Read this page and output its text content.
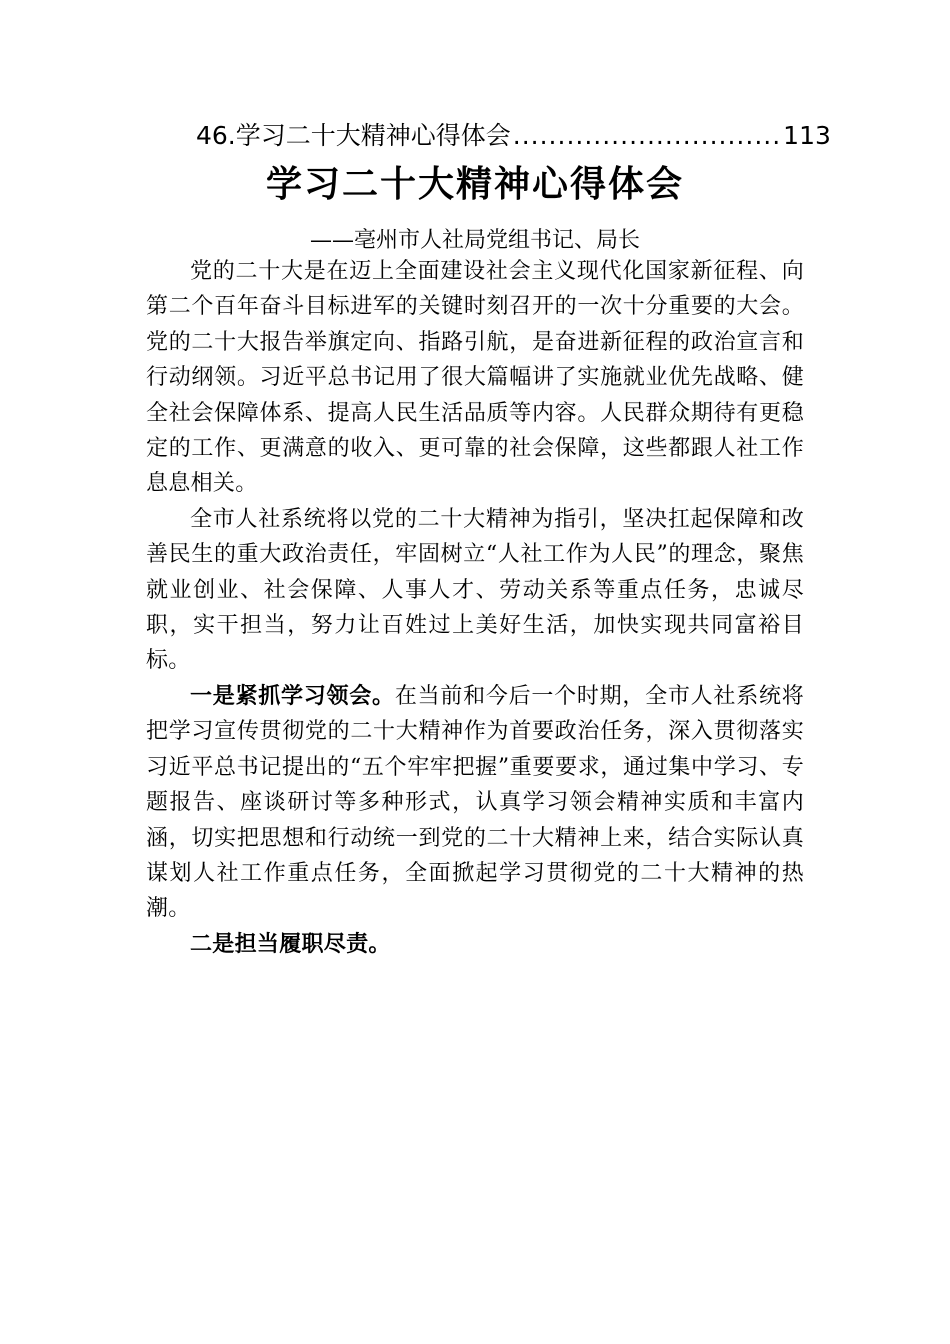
46.学习二十大精神心得体会 .............................. 113
学习二十大精神心得体会
——亳州市人社局党组书记、局长

党的二十大是在迈上全面建设社会主义现代化国家新征程、向第二个百年奋斗目标进军的关键时刻召开的一次十分重要的大会。党的二十大报告举旗定向、指路引航，是奋进新征程的政治宣言和行动纲领。习近平总书记用了很大篇幅讲了实施就业优先战略、健全社会保障体系、提高人民生活品质等内容。人民群众期待有更稳定的工作、更满意的收入、更可靠的社会保障，这些都跟人社工作息息相关。

全市人社系统将以党的二十大精神为指引，坚决扛起保障和改善民生的重大政治责任，牢固树立“人社工作为人民”的理念，聚焦就业创业、社会保障、人事人才、劳动关系等重点任务，忠诚尽职，实干担当，努力让百姓过上美好生活，加快实现共同富裕目标。

一是紧抓学习领会。在当前和今后一个时期，全市人社系统将把学习宣传贯彻党的二十大精神作为首要政治任务，深入贯彻落实习近平总书记提出的“五个牢牢把握”重要要求，通过集中学习、专题报告、座谈研讨等多种形式，认真学习领会精神实质和丰富内涵，切实把思想和行动统一到党的二十大精神上来，结合实际认真谋划人社工作重点任务，全面掀起学习贯彻党的二十大精神的热潮。

二是担当履职尽责。
